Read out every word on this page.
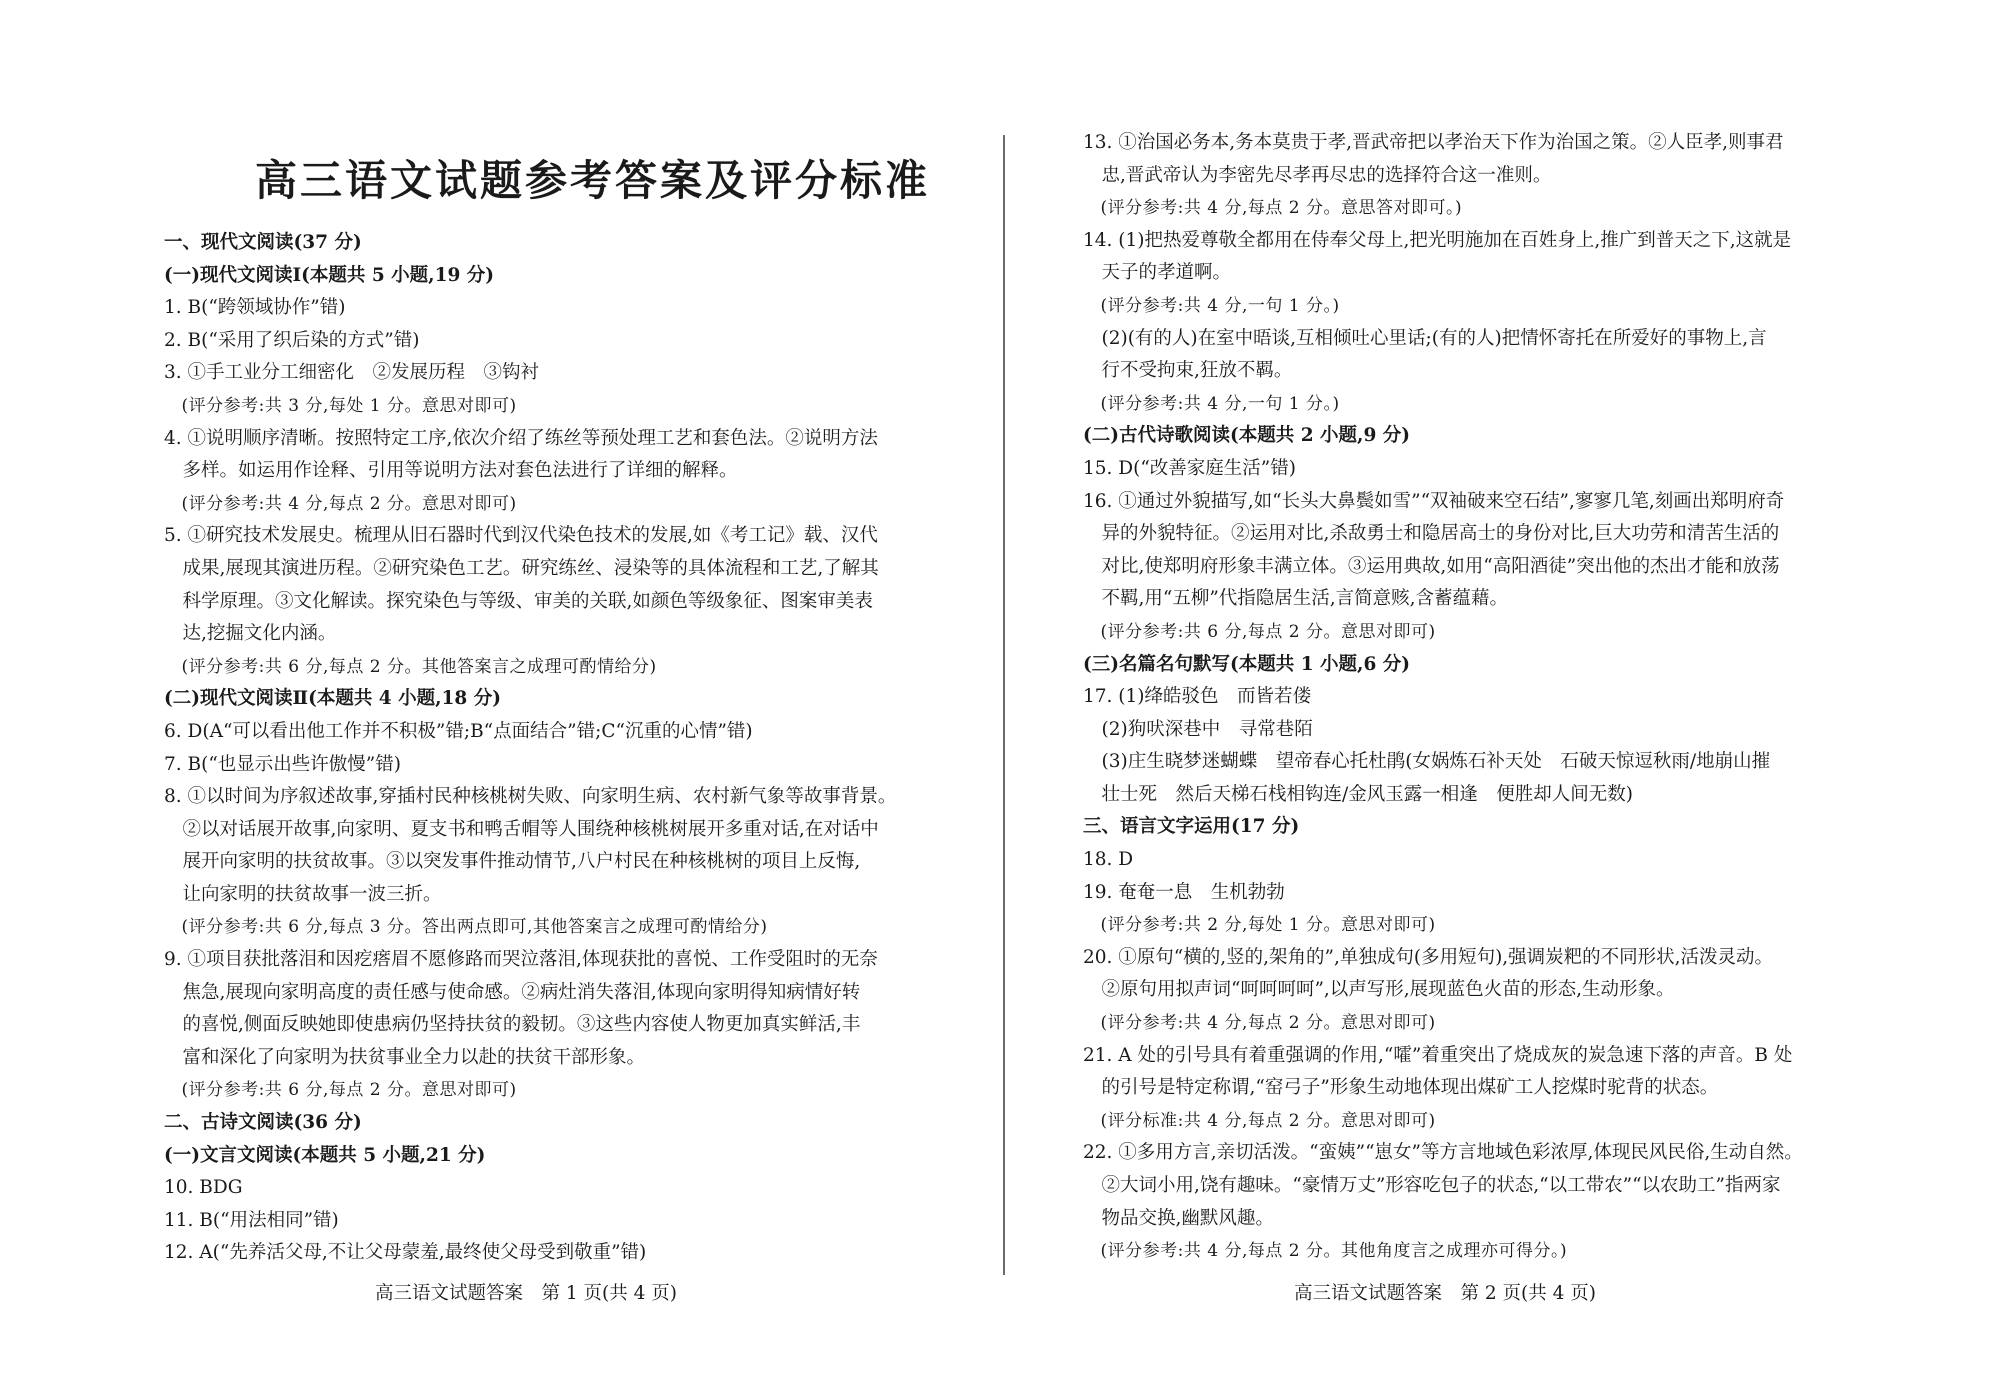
高三语文试题参考答案及评分标准
一、现代文阅读(37 分)
(一)现代文阅读Ⅰ(本题共 5 小题,19 分)
1. B(“跨领域协作”错)
2. B(“采用了织后染的方式”错)
3. ①手工业分工细密化　②发展历程　③钩衬
　(评分参考:共 3 分,每处 1 分。意思对即可)
4. ①说明顺序清晰。按照特定工序,依次介绍了练丝等预处理工艺和套色法。②说明方法
　多样。如运用作诠释、引用等说明方法对套色法进行了详细的解释。
　(评分参考:共 4 分,每点 2 分。意思对即可)
5. ①研究技术发展史。梳理从旧石器时代到汉代染色技术的发展,如《考工记》载、汉代
　成果,展现其演进历程。②研究染色工艺。研究练丝、浸染等的具体流程和工艺,了解其
　科学原理。③文化解读。探究染色与等级、审美的关联,如颜色等级象征、图案审美表
　达,挖掘文化内涵。
　(评分参考:共 6 分,每点 2 分。其他答案言之成理可酌情给分)
(二)现代文阅读Ⅱ(本题共 4 小题,18 分)
6. D(A“可以看出他工作并不积极”错;B“点面结合”错;C“沉重的心情”错)
7. B(“也显示出些许傲慢”错)
8. ①以时间为序叙述故事,穿插村民种核桃树失败、向家明生病、农村新气象等故事背景。
　②以对话展开故事,向家明、夏支书和鸭舌帽等人围绕种核桃树展开多重对话,在对话中
　展开向家明的扶贫故事。③以突发事件推动情节,八户村民在种核桃树的项目上反悔,
　让向家明的扶贫故事一波三折。
　(评分参考:共 6 分,每点 3 分。答出两点即可,其他答案言之成理可酌情给分)
9. ①项目获批落泪和因疙瘩眉不愿修路而哭泣落泪,体现获批的喜悦、工作受阻时的无奈
　焦急,展现向家明高度的责任感与使命感。②病灶消失落泪,体现向家明得知病情好转
　的喜悦,侧面反映她即使患病仍坚持扶贫的毅韧。③这些内容使人物更加真实鲜活,丰
　富和深化了向家明为扶贫事业全力以赴的扶贫干部形象。
　(评分参考:共 6 分,每点 2 分。意思对即可)
二、古诗文阅读(36 分)
(一)文言文阅读(本题共 5 小题,21 分)
10. BDG
11. B(“用法相同”错)
12. A(“先养活父母,不让父母蒙羞,最终使父母受到敬重”错)
13. ①治国必务本,务本莫贵于孝,晋武帝把以孝治天下作为治国之策。②人臣孝,则事君
　忠,晋武帝认为李密先尽孝再尽忠的选择符合这一准则。
　(评分参考:共 4 分,每点 2 分。意思答对即可。)
14. (1)把热爱尊敬全都用在侍奉父母上,把光明施加在百姓身上,推广到普天之下,这就是
　天子的孝道啊。
　(评分参考:共 4 分,一句 1 分。)
　(2)(有的人)在室中晤谈,互相倾吐心里话;(有的人)把情怀寄托在所爱好的事物上,言
　行不受拘束,狂放不羁。
　(评分参考:共 4 分,一句 1 分。)
(二)古代诗歌阅读(本题共 2 小题,9 分)
15. D(“改善家庭生活”错)
16. ①通过外貌描写,如“长头大鼻鬓如雪”“双袖破来空石结”,寥寥几笔,刻画出郑明府奇
　异的外貌特征。②运用对比,杀敌勇士和隐居高士的身份对比,巨大功劳和清苦生活的
　对比,使郑明府形象丰满立体。③运用典故,如用“高阳酒徒”突出他的杰出才能和放荡
　不羁,用“五柳”代指隐居生活,言简意赅,含蓄蕴藉。
　(评分参考:共 6 分,每点 2 分。意思对即可)
(三)名篇名句默写(本题共 1 小题,6 分)
17. (1)绛皓驳色　而皆若偻
　(2)狗吠深巷中　寻常巷陌
　(3)庄生晓梦迷蝴蝶　望帝春心托杜鹃(女娲炼石补天处　石破天惊逗秋雨/地崩山摧
　壮士死　然后天梯石栈相钩连/金风玉露一相逢　便胜却人间无数)
三、语言文字运用(17 分)
18. D
19. 奄奄一息　生机勃勃
　(评分参考:共 2 分,每处 1 分。意思对即可)
20. ①原句“横的,竖的,架角的”,单独成句(多用短句),强调炭粑的不同形状,活泼灵动。
　②原句用拟声词“呵呵呵呵”,以声写形,展现蓝色火苗的形态,生动形象。
　(评分参考:共 4 分,每点 2 分。意思对即可)
21. A 处的引号具有着重强调的作用,“嚯”着重突出了烧成灰的炭急速下落的声音。B 处
　的引号是特定称谓,“窑弓子”形象生动地体现出煤矿工人挖煤时驼背的状态。
　(评分标准:共 4 分,每点 2 分。意思对即可)
22. ①多用方言,亲切活泼。“蛮姨”“崽女”等方言地域色彩浓厚,体现民风民俗,生动自然。
　②大词小用,饶有趣味。“豪情万丈”形容吃包子的状态,“以工带农”“以农助工”指两家
　物品交换,幽默风趣。
　(评分参考:共 4 分,每点 2 分。其他角度言之成理亦可得分。)
高三语文试题答案　第 1 页(共 4 页)	高三语文试题答案　第 2 页(共 4 页)
